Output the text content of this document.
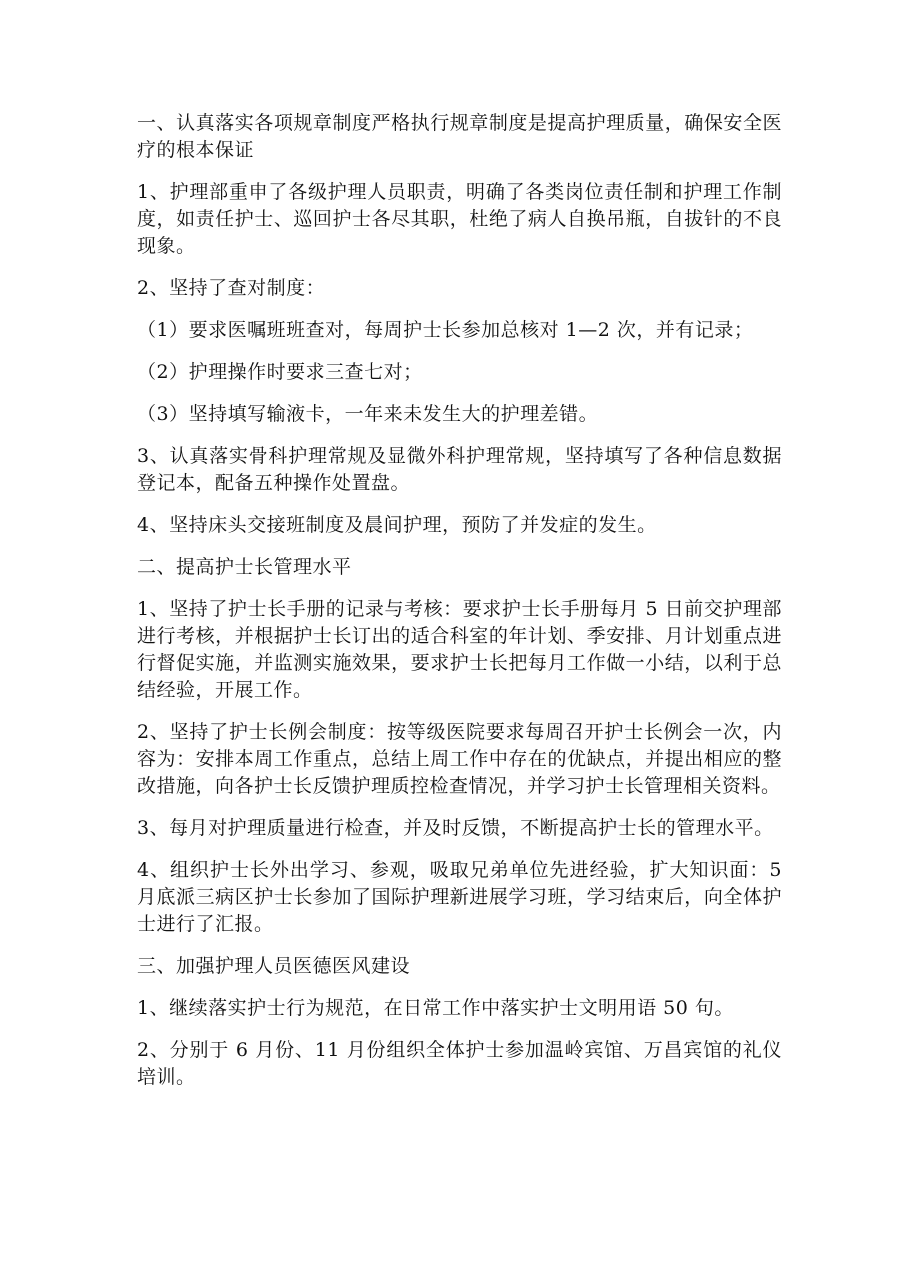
一、认真落实各项规章制度严格执行规章制度是提高护理质量，确保安全医疗的根本保证

1、护理部重申了各级护理人员职责，明确了各类岗位责任制和护理工作制度，如责任护士、巡回护士各尽其职，杜绝了病人自换吊瓶，自拔针的不良现象。

2、坚持了查对制度：

（1）要求医嘱班班查对，每周护士长参加总核对 1—2 次，并有记录；

（2）护理操作时要求三查七对；

（3）坚持填写输液卡，一年来未发生大的护理差错。

3、认真落实骨科护理常规及显微外科护理常规，坚持填写了各种信息数据登记本，配备五种操作处置盘。

4、坚持床头交接班制度及晨间护理，预防了并发症的发生。

二、提高护士长管理水平

1、坚持了护士长手册的记录与考核：要求护士长手册每月 5 日前交护理部进行考核，并根据护士长订出的适合科室的年计划、季安排、月计划重点进行督促实施，并监测实施效果，要求护士长把每月工作做一小结，以利于总结经验，开展工作。

2、坚持了护士长例会制度：按等级医院要求每周召开护士长例会一次，内容为：安排本周工作重点，总结上周工作中存在的优缺点，并提出相应的整改措施，向各护士长反馈护理质控检查情况，并学习护士长管理相关资料。

3、每月对护理质量进行检查，并及时反馈，不断提高护士长的管理水平。

4、组织护士长外出学习、参观，吸取兄弟单位先进经验，扩大知识面：5 月底派三病区护士长参加了国际护理新进展学习班，学习结束后，向全体护士进行了汇报。

三、加强护理人员医德医风建设

1、继续落实护士行为规范，在日常工作中落实护士文明用语 50 句。

2、分别于 6 月份、11 月份组织全体护士参加温岭宾馆、万昌宾馆的礼仪培训。
